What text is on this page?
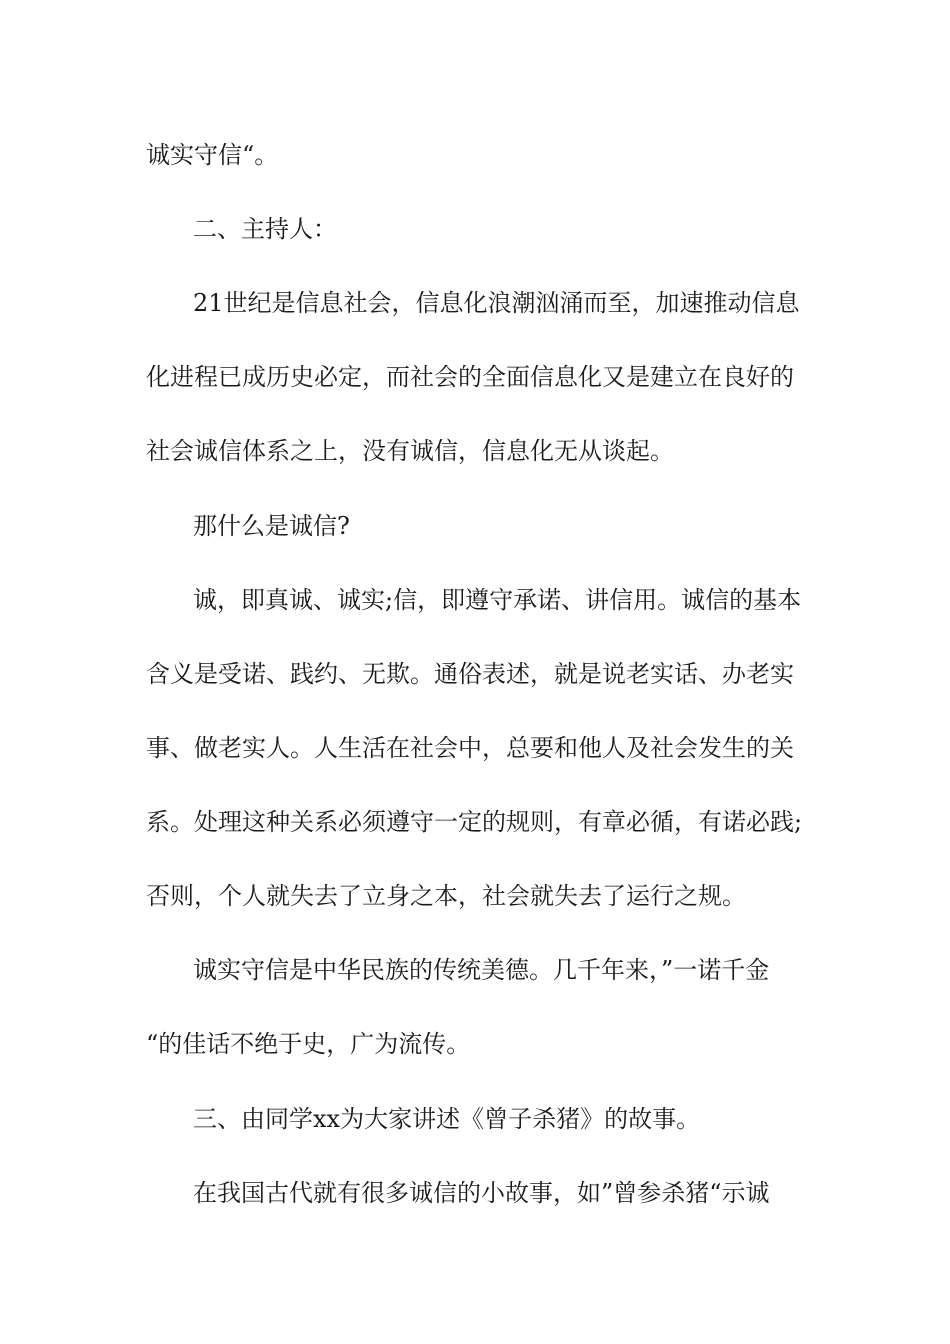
诚实守信“。
二、主持人：
21世纪是信息社会，信息化浪潮汹涌而至，加速推动信息
化进程已成历史必定，而社会的全面信息化又是建立在良好的
社会诚信体系之上，没有诚信，信息化无从谈起。
那什么是诚信?
诚，即真诚、诚实;信，即遵守承诺、讲信用。诚信的基本
含义是受诺、践约、无欺。通俗表述，就是说老实话、办老实
事、做老实人。人生活在社会中，总要和他人及社会发生的关
系。处理这种关系必须遵守一定的规则，有章必循，有诺必践;
否则，个人就失去了立身之本，社会就失去了运行之规。
诚实守信是中华民族的传统美德。几千年来，”一诺千金
“的佳话不绝于史，广为流传。
三、由同学xx为大家讲述《曾子杀猪》的故事。
在我国古代就有很多诚信的小故事，如”曾参杀猪“示诚
